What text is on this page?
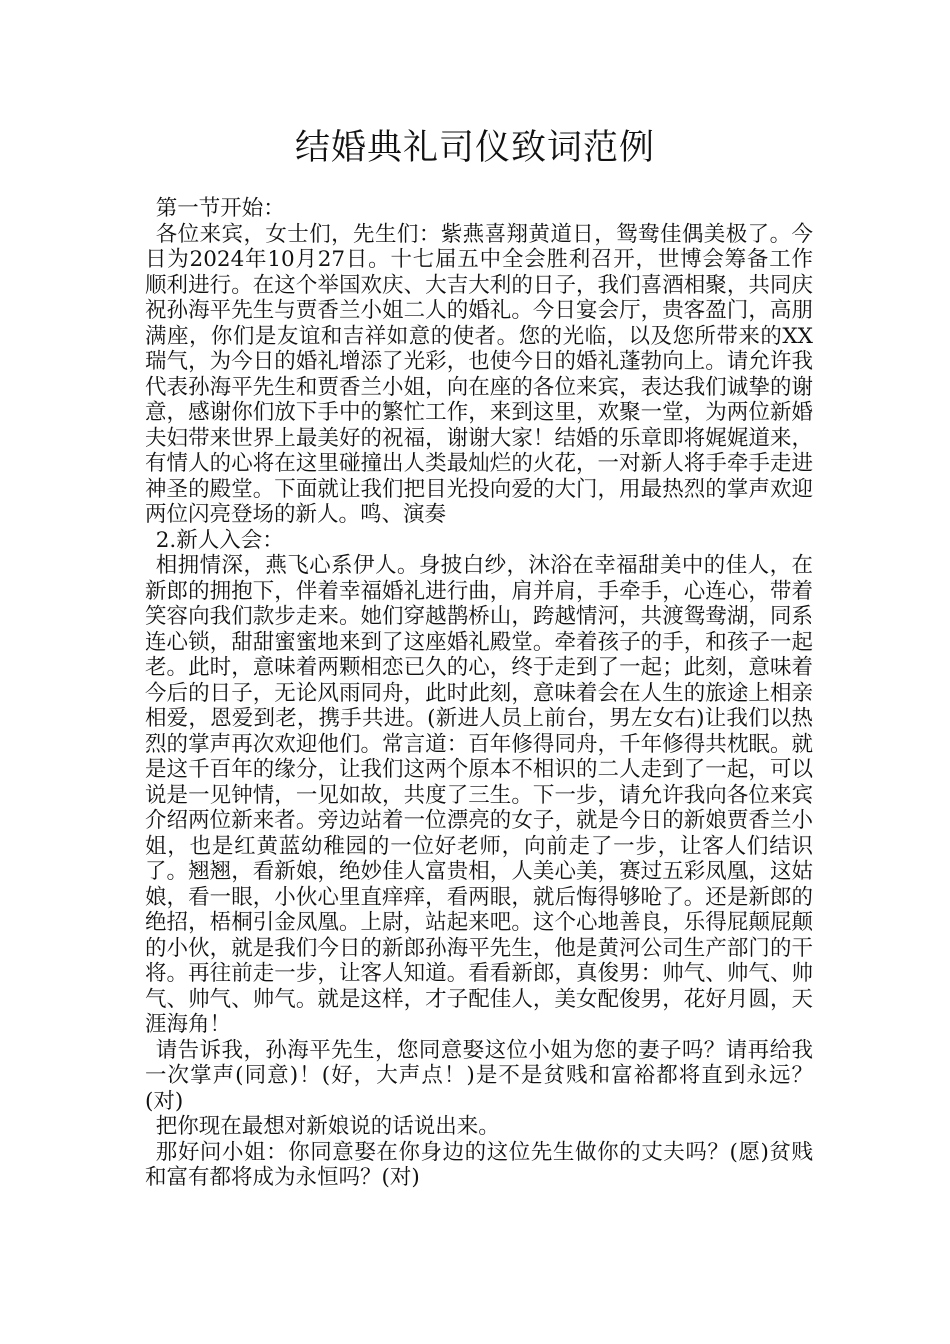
结婚典礼司仪致词范例

第一节开始：

各位来宾，女士们，先生们：紫燕喜翔黄道日，鸳鸯佳偶美极了。今日为2024年10月27日。十七届五中全会胜利召开，世博会筹备工作顺利进行。在这个举国欢庆、大吉大利的日子，我们喜酒相聚，共同庆祝孙海平先生与贾香兰小姐二人的婚礼。今日宴会厅，贵客盈门，高朋满座，你们是友谊和吉祥如意的使者。您的光临，以及您所带来的XX瑞气，为今日的婚礼增添了光彩，也使今日的婚礼蓬勃向上。请允许我代表孙海平先生和贾香兰小姐，向在座的各位来宾，表达我们诚挚的谢意，感谢你们放下手中的繁忙工作，来到这里，欢聚一堂，为两位新婚夫妇带来世界上最美好的祝福，谢谢大家！结婚的乐章即将娓娓道来，有情人的心将在这里碰撞出人类最灿烂的火花，一对新人将手牵手走进神圣的殿堂。下面就让我们把目光投向爱的大门，用最热烈的掌声欢迎两位闪亮登场的新人。鸣、演奏

2.新人入会：

相拥情深，燕飞心系伊人。身披白纱，沐浴在幸福甜美中的佳人，在新郎的拥抱下，伴着幸福婚礼进行曲，肩并肩，手牵手，心连心，带着笑容向我们款步走来。她们穿越鹊桥山，跨越情河，共渡鸳鸯湖，同系连心锁，甜甜蜜蜜地来到了这座婚礼殿堂。牵着孩子的手，和孩子一起老。此时，意味着两颗相恋已久的心，终于走到了一起；此刻，意味着今后的日子，无论风雨同舟，此时此刻，意味着会在人生的旅途上相亲相爱，恩爱到老，携手共进。(新进人员上前台，男左女右)让我们以热烈的掌声再次欢迎他们。常言道：百年修得同舟，千年修得共枕眠。就是这千百年的缘分，让我们这两个原本不相识的二人走到了一起，可以说是一见钟情，一见如故，共度了三生。下一步，请允许我向各位来宾介绍两位新来者。旁边站着一位漂亮的女子，就是今日的新娘贾香兰小姐，也是红黄蓝幼稚园的一位好老师，向前走了一步，让客人们结识了。翘翘，看新娘，绝妙佳人富贵相，人美心美，赛过五彩凤凰，这姑娘，看一眼，小伙心里直痒痒，看两眼，就后悔得够呛了。还是新郎的绝招，梧桐引金凤凰。上尉，站起来吧。这个心地善良，乐得屁颠屁颠的小伙，就是我们今日的新郎孙海平先生，他是黄河公司生产部门的干将。再往前走一步，让客人知道。看看新郎，真俊男：帅气、帅气、帅气、帅气、帅气。就是这样，才子配佳人，美女配俊男，花好月圆，天涯海角！

请告诉我，孙海平先生，您同意娶这位小姐为您的妻子吗？请再给我一次掌声(同意)！(好，大声点！)是不是贫贱和富裕都将直到永远？(对)

把你现在最想对新娘说的话说出来。

那好问小姐：你同意娶在你身边的这位先生做你的丈夫吗？(愿)贫贱和富有都将成为永恒吗？(对)
